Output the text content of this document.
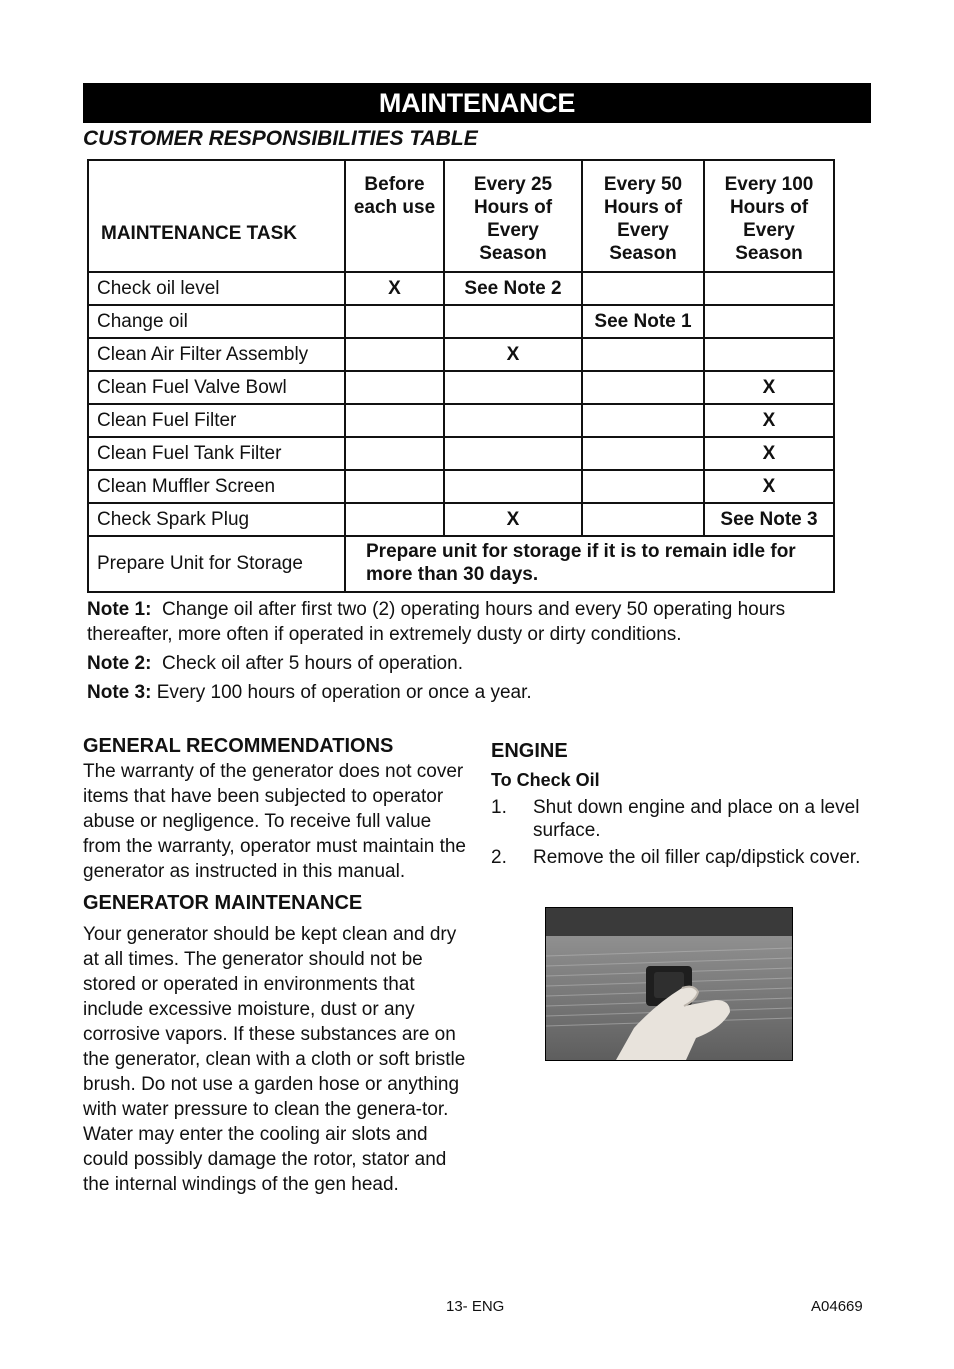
MAINTENANCE
CUSTOMER RESPONSIBILITIES TABLE
MAINTENANCE TASK	Before each use	Every 25 Hours of Every Season	Every 50 Hours of Every Season	Every 100 Hours of Every Season
Check oil level	X	See Note 2		
Change oil			See Note 1	
Clean Air Filter Assembly		X		
Clean Fuel Valve Bowl				X
Clean Fuel Filter				X
Clean Fuel Tank Filter				X
Clean Muffler Screen				X
Check Spark Plug		X		See Note 3
Prepare Unit for Storage	Prepare unit for storage if it is to remain idle for more than 30 days.			

Note 1: Change oil after first two (2) operating hours and every 50 operating hours thereafter, more often if operated in extremely dusty or dirty conditions.

Note 2: Check oil after 5 hours of operation.

Note 3: Every 100 hours of operation or once a year.

GENERAL RECOMMENDATIONS

The warranty of the generator does not cover items that have been subjected to operator abuse or negligence. To receive full value from the warranty, operator must maintain the generator as instructed in this manual.

GENERATOR MAINTENANCE

Your generator should be kept clean and dry at all times. The generator should not be stored or operated in environments that include excessive moisture, dust or any corrosive vapors. If these substances are on the generator, clean with a cloth or soft bristle brush. Do not use a garden hose or anything with water pressure to clean the genera-tor. Water may enter the cooling air slots and could possibly damage the rotor, stator and the internal windings of the gen head.

ENGINE
To Check Oil
1.	Shut down engine and place on a level surface.
2.	Remove the oil filler cap/dipstick cover.
13- ENG	A04669
